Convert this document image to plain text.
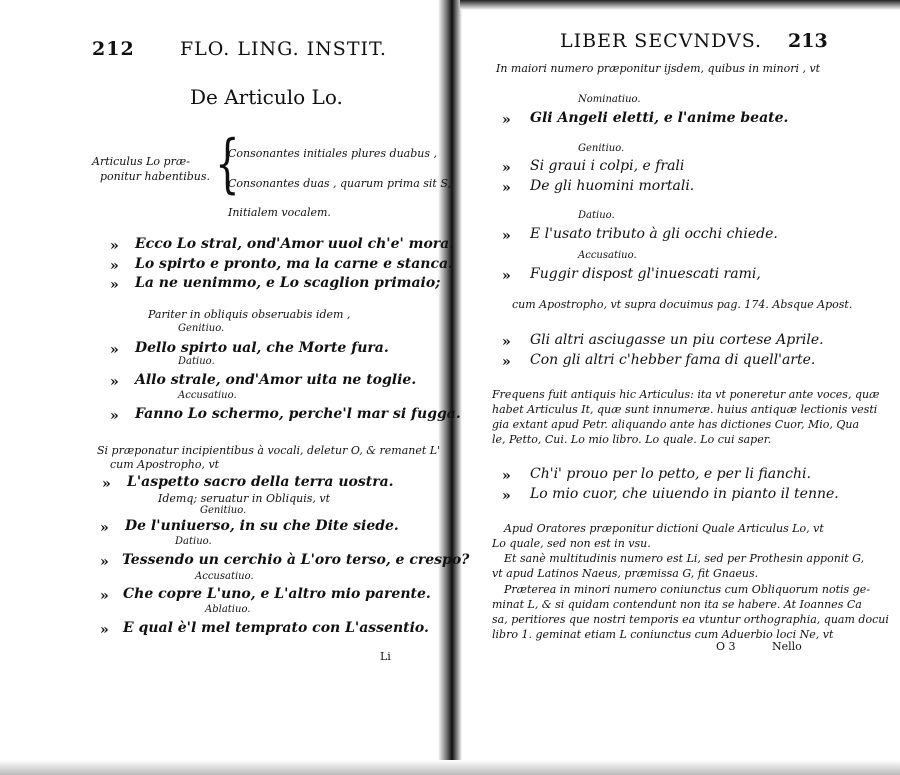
212 FLO. LING. INSTIT.
De Articulo Lo.
Articulus Lo præ-
ponitur habentibus. {
Consonantes initiales plures duabus ,
Consonantes duas , quarum prima sit S,
Initialem vocalem.
» Ecco Lo stral, ond'Amor uuol ch'e' mora.
» Lo spirto e pronto, ma la carne e stanca.
» La ne uenimmo, e Lo scaglion primaio;
Pariter in obliquis obseruabis idem ,
Genitiuo.
» Dello spirto ual, che Morte fura.
Datiuo.
» Allo strale, ond'Amor uita ne toglie.
Accusatiuo.
» Fanno Lo schermo, perche'l mar si fugga.
Si præponatur incipientibus à vocali, deletur O, & remanet L'
cum Apostropho, vt
» L'aspetto sacro della terra uostra.
Idemq; seruatur in Obliquis, vt
Genitiuo.
» De l'uniuerso, in su che Dite siede.
Datiuo.
» Tessendo un cerchio à L'oro terso, e crespo?
Accusatiuo.
» Che copre L'uno, e L'altro mio parente.
Ablatiuo.
» E qual è'l mel temprato con L'assentio.
Li
LIBER SECVNDVS. 213
In maiori numero præponitur ijsdem, quibus in minori , vt
Nominatiuo.
» Gli Angeli eletti, e l'anime beate.
Genitiuo.
» Si graui i colpi, e frali
» De gli huomini mortali.
Datiuo.
» E l'usato tributo à gli occhi chiede.
Accusatiuo.
» Fuggir dispost gl'inuescati rami,
cum Apostropho, vt supra docuimus pag. 174. Absque Apost.
» Gli altri asciugasse un piu cortese Aprile.
» Con gli altri c'hebber fama di quell'arte.
Frequens fuit antiquis hic Articulus: ita vt poneretur ante voces, quæ
habet Articulus It, quæ sunt innumeræ. huius antiquæ lectionis vesti
gia extant apud Petr. aliquando ante has dictiones Cuor, Mio, Qua
le, Petto, Cui. Lo mio libro. Lo quale. Lo cui saper.
» Ch'i' prouo per lo petto, e per li fianchi.
» Lo mio cuor, che uiuendo in pianto il tenne.
Apud Oratores præponitur dictioni Quale Articulus Lo, vt
Lo quale, sed non est in vsu.
Et sanè multitudinis numero est Li, sed per Prothesin apponit G,
vt apud Latinos Naeus, præmissa G, fit Gnaeus.
Præterea in minori numero coniunctus cum Obliquorum notis ge-
minat L, & si quidam contendunt non ita se habere. At Ioannes Ca
sa, peritiores que nostri temporis ea vtuntur orthographia, quam docui
libro 1. geminat etiam L coniunctus cum Aduerbio loci Ne, vt
O 3	Nello
